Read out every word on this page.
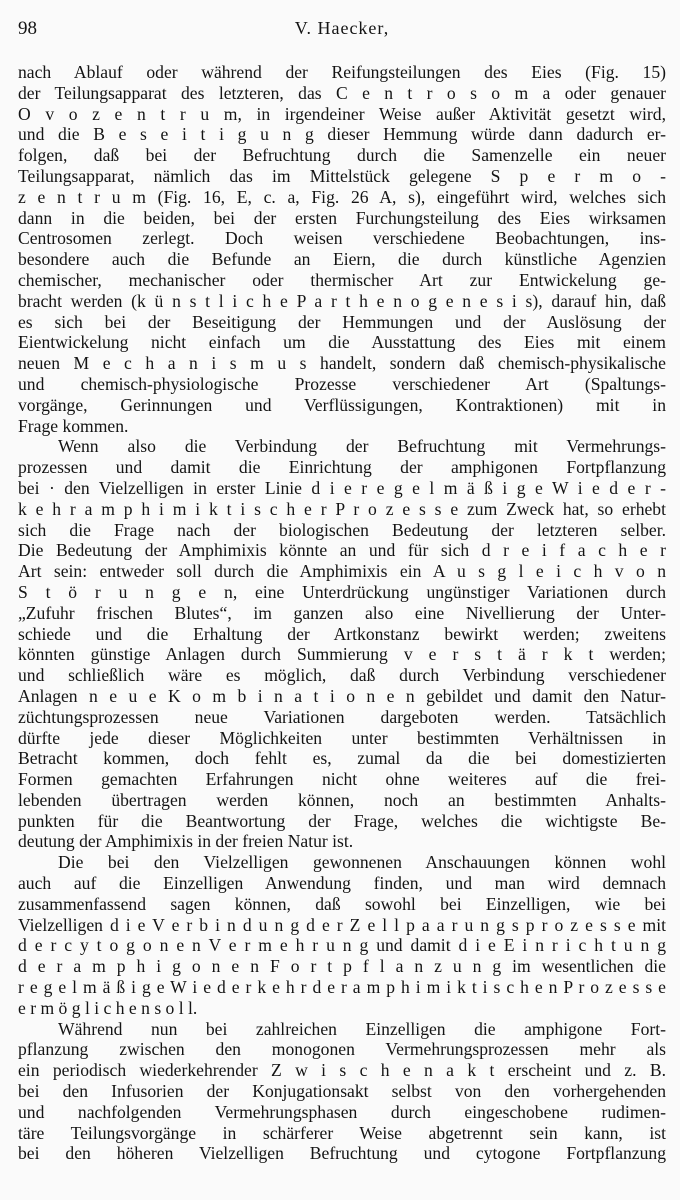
98	V. Haecker,
nach Ablauf oder während der Reifungsteilungen des Eies (Fig. 15)
der Teilungsapparat des letzteren, das C e n t r o s o m a oder genauer
O v o z e n t r u m, in irgendeiner Weise außer Aktivität gesetzt wird,
und die B e s e i t i g u n g dieser Hemmung würde dann dadurch er-
folgen, daß bei der Befruchtung durch die Samenzelle ein neuer
Teilungsapparat, nämlich das im Mittelstück gelegene S p e r m o -
z e n t r u m (Fig. 16, E, c. a, Fig. 26 A, s), eingeführt wird, welches sich
dann in die beiden, bei der ersten Furchungsteilung des Eies wirksamen
Centrosomen zerlegt. Doch weisen verschiedene Beobachtungen, ins-
besondere auch die Befunde an Eiern, die durch künstliche Agenzien
chemischer, mechanischer oder thermischer Art zur Entwickelung ge-
bracht werden (k ü n s t l i c h e P a r t h e n o g e n e s i s), darauf hin, daß
es sich bei der Beseitigung der Hemmungen und der Auslösung der
Eientwickelung nicht einfach um die Ausstattung des Eies mit einem
neuen M e c h a n i s m u s handelt, sondern daß chemisch-physikalische
und chemisch-physiologische Prozesse verschiedener Art (Spaltungs-
vorgänge, Gerinnungen und Verflüssigungen, Kontraktionen) mit in
Frage kommen.
Wenn also die Verbindung der Befruchtung mit Vermehrungs-
prozessen und damit die Einrichtung der amphigonen Fortpflanzung
bei · den Vielzelligen in erster Linie d i e r e g e l m ä ß i g e W i e d e r -
k e h r a m p h i m i k t i s c h e r P r o z e s s e zum Zweck hat, so erhebt
sich die Frage nach der biologischen Bedeutung der letzteren selber.
Die Bedeutung der Amphimixis könnte an und für sich d r e i f a c h e r
Art sein: entweder soll durch die Amphimixis ein A u s g l e i c h v o n
S t ö r u n g e n, eine Unterdrückung ungünstiger Variationen durch
„Zufuhr frischen Blutes“, im ganzen also eine Nivellierung der Unter-
schiede und die Erhaltung der Artkonstanz bewirkt werden; zweitens
könnten günstige Anlagen durch Summierung v e r s t ä r k t werden;
und schließlich wäre es möglich, daß durch Verbindung verschiedener
Anlagen n e u e K o m b i n a t i o n e n gebildet und damit den Natur-
züchtungsprozessen neue Variationen dargeboten werden. Tatsächlich
dürfte jede dieser Möglichkeiten unter bestimmten Verhältnissen in
Betracht kommen, doch fehlt es, zumal da die bei domestizierten
Formen gemachten Erfahrungen nicht ohne weiteres auf die frei-
lebenden übertragen werden können, noch an bestimmten Anhalts-
punkten für die Beantwortung der Frage, welches die wichtigste Be-
deutung der Amphimixis in der freien Natur ist.
Die bei den Vielzelligen gewonnenen Anschauungen können wohl
auch auf die Einzelligen Anwendung finden, und man wird demnach
zusammenfassend sagen können, daß sowohl bei Einzelligen, wie bei
Vielzelligen d i e V e r b i n d u n g d e r Z e l l p a a r u n g s p r o z e s s e mit
d e r c y t o g o n e n V e r m e h r u n g und damit d i e E i n r i c h t u n g
d e r a m p h i g o n e n F o r t p f l a n z u n g im wesentlichen die
r e g e l m ä ß i g e W i e d e r k e h r d e r a m p h i m i k t i s c h e n P r o z e s s e
e r m ö g l i c h e n s o l l.
Während nun bei zahlreichen Einzelligen die amphigone Fort-
pflanzung zwischen den monogonen Vermehrungsprozessen mehr als
ein periodisch wiederkehrender Z w i s c h e n a k t erscheint und z. B.
bei den Infusorien der Konjugationsakt selbst von den vorhergehenden
und nachfolgenden Vermehrungsphasen durch eingeschobene rudimen-
täre Teilungsvorgänge in schärferer Weise abgetrennt sein kann, ist
bei den höheren Vielzelligen Befruchtung und cytogone Fortpflanzung
